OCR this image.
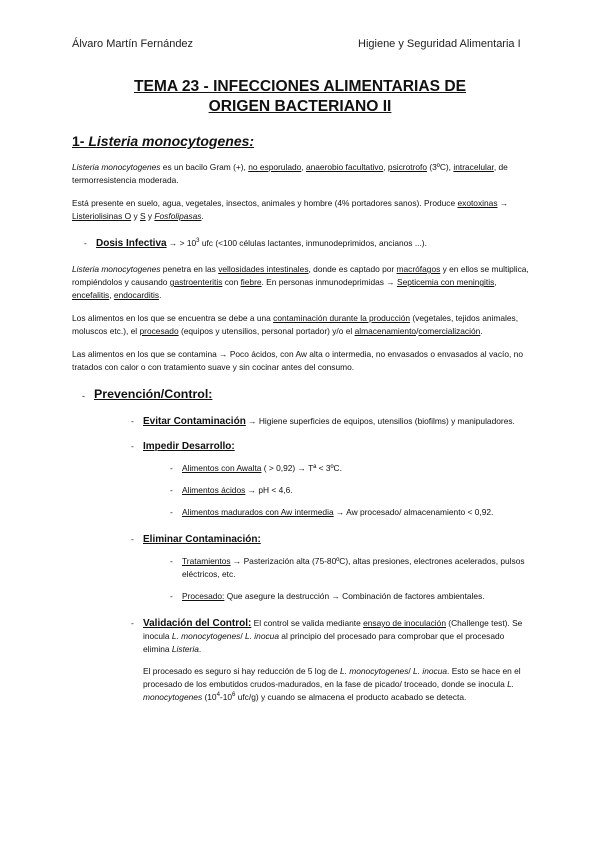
Álvaro Martín Fernández	Higiene y Seguridad Alimentaria I
TEMA 23 - INFECCIONES ALIMENTARIAS DE
ORIGEN BACTERIANO II
1- Listeria monocytogenes:

Listeria monocytogenes es un bacilo Gram (+), no esporulado, anaerobio facultativo, psicrotrofo (3ºC), intracelular, de termorresistencia moderada.

Está presente en suelo, agua, vegetales, insectos, animales y hombre (4% portadores sanos). Produce exotoxinas → Listeriolisinas O y S y Fosfolipasas.

- Dosis Infectiva → > $10^3$ ufc (<100 células lactantes, inmunodeprimidos, ancianos ...).

Listeria monocytogenes penetra en las vellosidades intestinales, donde es captado por macrófagos y en ellos se multiplica, rompiéndolos y causando gastroenteritis con fiebre. En personas inmunodeprimidas → Septicemia con meningitis, encefalitis, endocarditis.

Los alimentos en los que se encuentra se debe a una contaminación durante la producción (vegetales, tejidos animales, moluscos etc.), el procesado (equipos y utensilios, personal portador) y/o el almacenamiento/comercialización.

Las alimentos en los que se contamina → Poco ácidos, con Aw alta o intermedia, no envasados o envasados al vacío, no tratados con calor o con tratamiento suave y sin cocinar antes del consumo.

- Prevención/Control:
- Evitar Contaminación → Higiene superficies de equipos, utensilios (biofilms) y manipuladores.
- Impedir Desarrollo:
- Alimentos con Awalta ( > 0,92) → Tª < 3ºC.
- Alimentos ácidos → pH < 4,6.
- Alimentos madurados con Aw intermedia → Aw procesado/ almacenamiento < 0,92.
- Eliminar Contaminación:
- Tratamientos → Pasterización alta (75-80ºC), altas presiones, electrones acelerados, pulsos eléctricos, etc.
- Procesado: Que asegure la destrucción → Combinación de factores ambientales.

- Validación del Control: El control se valida mediante ensayo de inoculación (Challenge test). Se inocula L. monocytogenes/ L. inocua al principio del procesado para comprobar que el procesado elimina Listeria.

El procesado es seguro si hay reducción de 5 log de L. monocytogenes/ L. inocua. Esto se hace en el procesado de los embutidos crudos-madurados, en la fase de picado/ troceado, donde se inocula L. monocytogenes ($10^4-10^6$ ufc/g) y cuando se almacena el producto acabado se detecta.
